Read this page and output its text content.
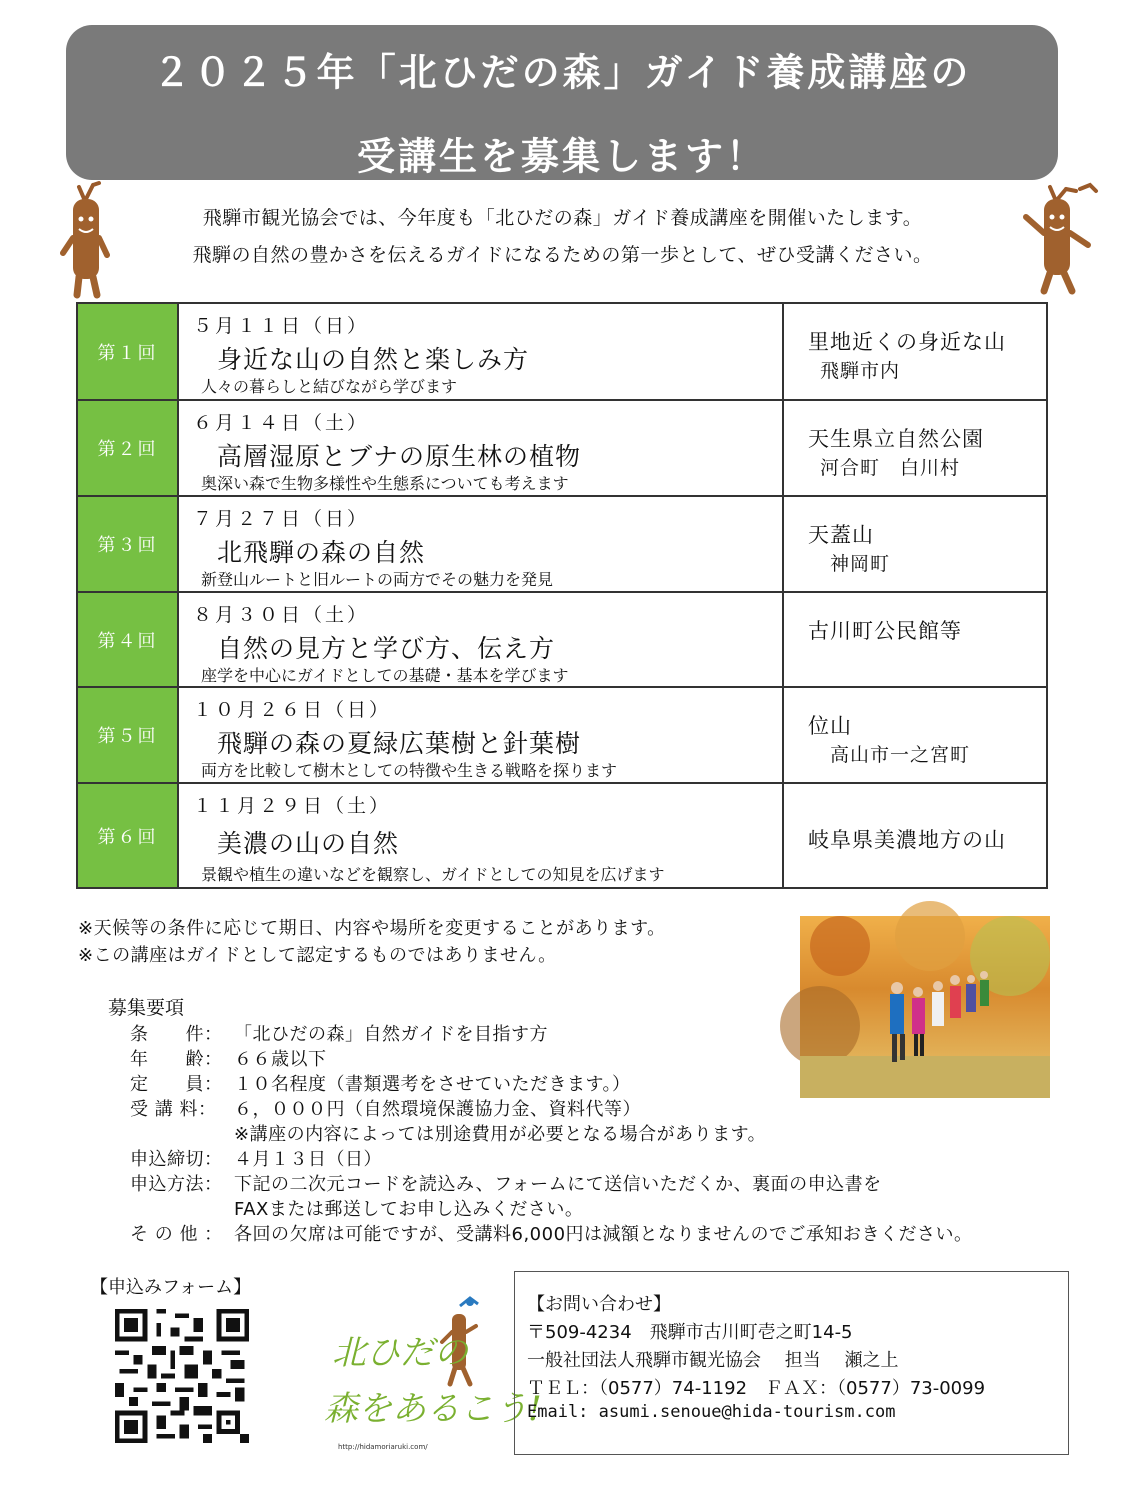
２０２５年「北ひだの森」ガイド養成講座の
受講生を募集します！
飛騨市観光協会では、今年度も「北ひだの森」ガイド養成講座を開催いたします。
飛騨の自然の豊かさを伝えるガイドになるための第一歩として、ぜひ受講ください。
第１回
５月１１日（日）
身近な山の自然と楽しみ方
人々の暮らしと結びながら学びます
里地近くの身近な山
飛騨市内
第２回
６月１４日（土）
高層湿原とブナの原生林の植物
奥深い森で生物多様性や生態系についても考えます
天生県立自然公園
河合町　白川村
第３回
７月２７日（日）
北飛騨の森の自然
新登山ルートと旧ルートの両方でその魅力を発見
天蓋山
神岡町
第４回
８月３０日（土）
自然の見方と学び方、伝え方
座学を中心にガイドとしての基礎・基本を学びます
古川町公民館等
第５回
１０月２６日（日）
飛騨の森の夏緑広葉樹と針葉樹
両方を比較して樹木としての特徴や生きる戦略を探ります
位山
高山市一之宮町
第６回
１１月２９日（土）
美濃の山の自然
景観や植生の違いなどを観察し、ガイドとしての知見を広げます
岐阜県美濃地方の山
※天候等の条件に応じて期日、内容や場所を変更することがあります。
※この講座はガイドとして認定するものではありません。
募集要項
条　　件： 「北ひだの森」自然ガイドを目指す方
年　　齢： ６６歳以下
定　　員： １０名程度（書類選考をさせていただきます。）
受 講 料： ６，０００円（自然環境保護協力金、資料代等）
※講座の内容によっては別途費用が必要となる場合があります。
申込締切： ４月１３日（日）
申込方法： 下記の二次元コードを読込み、フォームにて送信いただくか、裏面の申込書を
FAXまたは郵送してお申し込みください。
そ の 他 ： 各回の欠席は可能ですが、受講料6,000円は減額となりませんのでご承知おきください。
【申込みフォーム】
北ひだの
森をあるこう!
http://hidamoriaruki.com/
【お問い合わせ】
〒509-4234　飛騨市古川町壱之町14-5
一般社団法人飛騨市観光協会　 担当　 瀬之上
ＴＥＬ：（0577）74-1192　ＦＡＸ：（0577）73-0099
Email: asumi.senoue@hida-tourism.com
